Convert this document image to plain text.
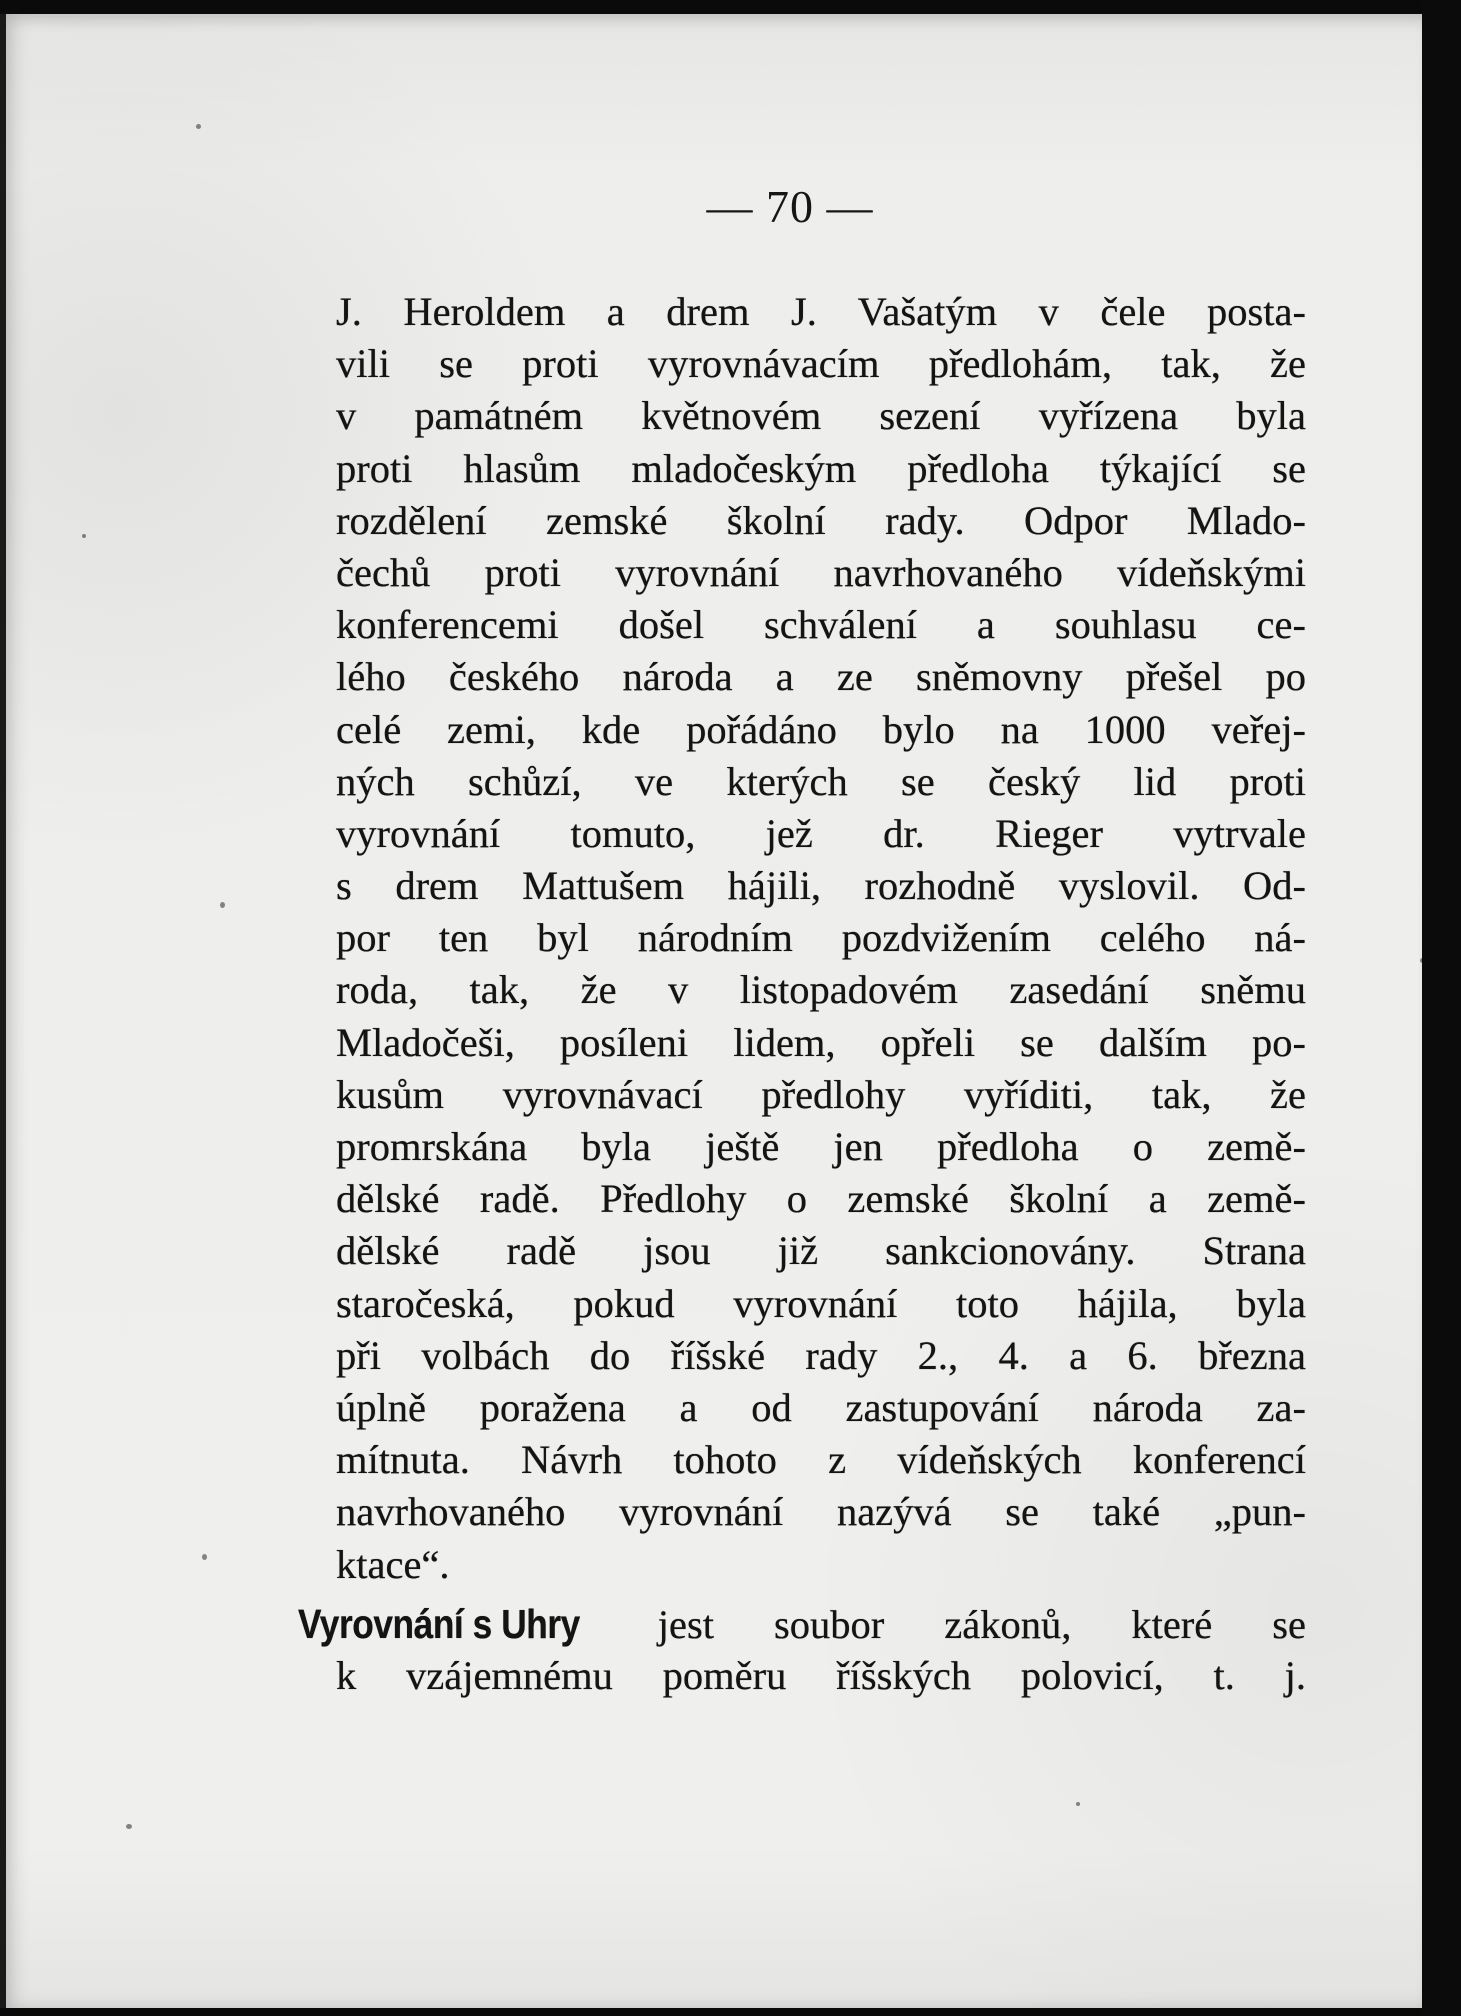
— 70 —
J. Heroldem a drem J. Vašatým v čele posta-
vili se proti vyrovnávacím předlohám, tak, že
v památném květnovém sezení vyřízena byla
proti hlasům mladočeským předloha týkající se
rozdělení zemské školní rady. Odpor Mlado-
čechů proti vyrovnání navrhovaného vídeňskými
konferencemi došel schválení a souhlasu ce-
lého českého národa a ze sněmovny přešel po
celé zemi, kde pořádáno bylo na 1000 veřej-
ných schůzí, ve kterých se český lid proti
vyrovnání tomuto, jež dr. Rieger vytrvale
s drem Mattušem hájili, rozhodně vyslovil. Od-
por ten byl národním pozdvižením celého ná-
roda, tak, že v listopadovém zasedání sněmu
Mladočeši, posíleni lidem, opřeli se dalším po-
kusům vyrovnávací předlohy vyříditi, tak, že
promrskána byla ještě jen předloha o země-
dělské radě. Předlohy o zemské školní a země-
dělské radě jsou již sankcionovány. Strana
staročeská, pokud vyrovnání toto hájila, byla
při volbách do říšské rady 2., 4. a 6. března
úplně poražena a od zastupování národa za-
mítnuta. Návrh tohoto z vídeňských konferencí
navrhovaného vyrovnání nazývá se také „pun-
ktace“.
Vyrovnání s Uhry jest soubor zákonů, které se
k vzájemnému poměru říšských polovicí, t. j.
